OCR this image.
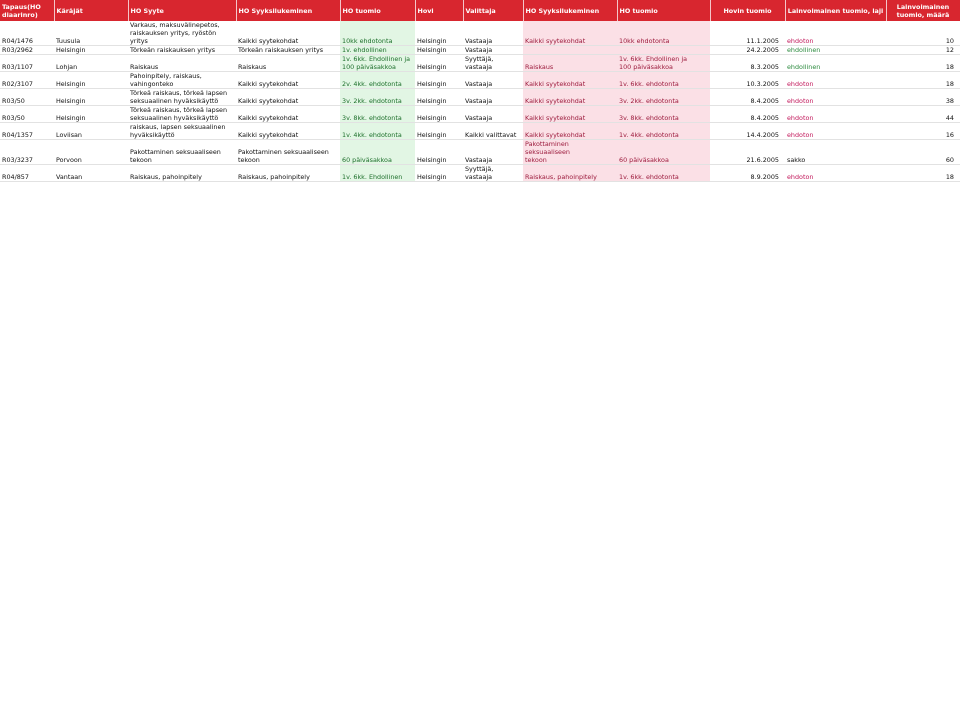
Tapaus(HO diaarinro)	Käräjät	HO Syyte	HO Syyksilukeminen	HO tuomio	Hovi	Valittaja	HO Syyksilukeminen	HO tuomio	Hovin tuomio	Lainvoimainen tuomio, laji	Lainvoimainen tuomio, määrä
R04/1476	Tuusula	Varkaus, maksuvälinepetos,
raiskauksen yritys, ryöstön yritys	Kaikki syytekohdat	10kk ehdotonta	Helsingin	Vastaaja	Kaikki syytekohdat	10kk ehdotonta	11.1.2005	ehdoton	10
R03/2962	Helsingin	Törkeän raiskauksen yritys	Törkeän raiskauksen yritys	1v. ehdollinen	Helsingin	Vastaaja			24.2.2005	ehdollinen	12
R03/1107	Lohjan	Raiskaus	Raiskaus	1v. 6kk. Ehdollinen ja
100 päiväsakkoa	Helsingin	Syyttäjä, vastaaja	Raiskaus	1v. 6kk. Ehdollinen ja
100 päiväsakkoa	8.3.2005	ehdollinen	18
R02/3107	Helsingin	Pahoinpitely, raiskaus,
vahingonteko	Kaikki syytekohdat	2v. 4kk. ehdotonta	Helsingin	Vastaaja	Kaikki syytekohdat	1v. 6kk. ehdotonta	10.3.2005	ehdoton	18
R03/50	Helsingin	Törkeä raiskaus, törkeä lapsen
seksuaalinen hyväksikäyttö	Kaikki syytekohdat	3v. 2kk. ehdotonta	Helsingin	Vastaaja	Kaikki syytekohdat	3v. 2kk. ehdotonta	8.4.2005	ehdoton	38
R03/50	Helsingin	Törkeä raiskaus, törkeä lapsen
seksuaalinen hyväksikäyttö	Kaikki syytekohdat	3v. 8kk. ehdotonta	Helsingin	Vastaaja	Kaikki syytekohdat	3v. 8kk. ehdotonta	8.4.2005	ehdoton	44
R04/1357	Loviisan	raiskaus, lapsen seksuaalinen
hyväksikäyttö	Kaikki syytekohdat	1v. 4kk. ehdotonta	Helsingin	Kaikki valittavat	Kaikki syytekohdat	1v. 4kk. ehdotonta	14.4.2005	ehdoton	16
R03/3237	Porvoon	Pakottaminen seksuaaliseen
tekoon	Pakottaminen seksuaaliseen
tekoon	60 päiväsakkoa	Helsingin	Vastaaja	Pakottaminen seksuaaliseen
tekoon	60 päiväsakkoa	21.6.2005	sakko	60
R04/857	Vantaan	Raiskaus, pahoinpitely	Raiskaus, pahoinpitely	1v. 6kk. Ehdollinen	Helsingin	Syyttäjä, vastaaja	Raiskaus, pahoinpitely	1v. 6kk. ehdotonta	8.9.2005	ehdoton	18
